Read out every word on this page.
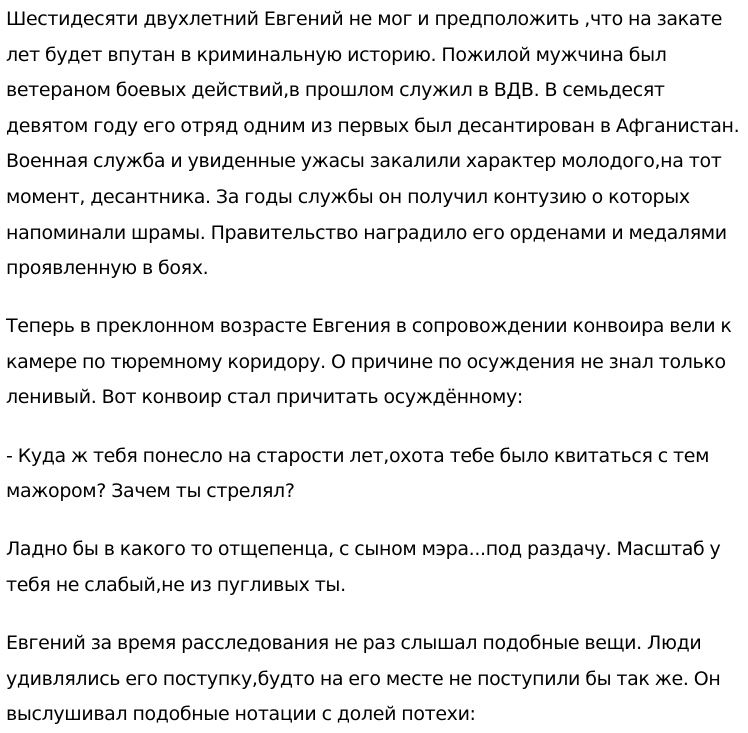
Шестидесяти двухлетний Евгений не мог и предположить ,что на закате
лет будет впутан в криминальную историю. Пожилой мужчина был
ветераном боевых действий,в прошлом служил в ВДВ. В семьдесят
девятом году его отряд одним из первых был десантирован в Афганистан.
Военная служба и увиденные ужасы закалили характер молодого,на тот
момент, десантника. За годы службы он получил контузию о которых
напоминали шрамы. Правительство наградило его орденами и медалями
проявленную в боях.
Теперь в преклонном возрасте Евгения в сопровождении конвоира вели к
камере по тюремному коридору. О причине по осуждения не знал только
ленивый. Вот конвоир стал причитать осуждённому:
- Куда ж тебя понесло на старости лет,охота тебе было квитаться с тем
мажором? Зачем ты стрелял?
Ладно бы в какого то отщепенца, с сыном мэра...под раздачу. Масштаб у
тебя не слабый,не из пугливых ты.
Евгений за время расследования не раз слышал подобные вещи. Люди
удивлялись его поступку,будто на его месте не поступили бы так же. Он
выслушивал подобные нотации с долей потехи:
